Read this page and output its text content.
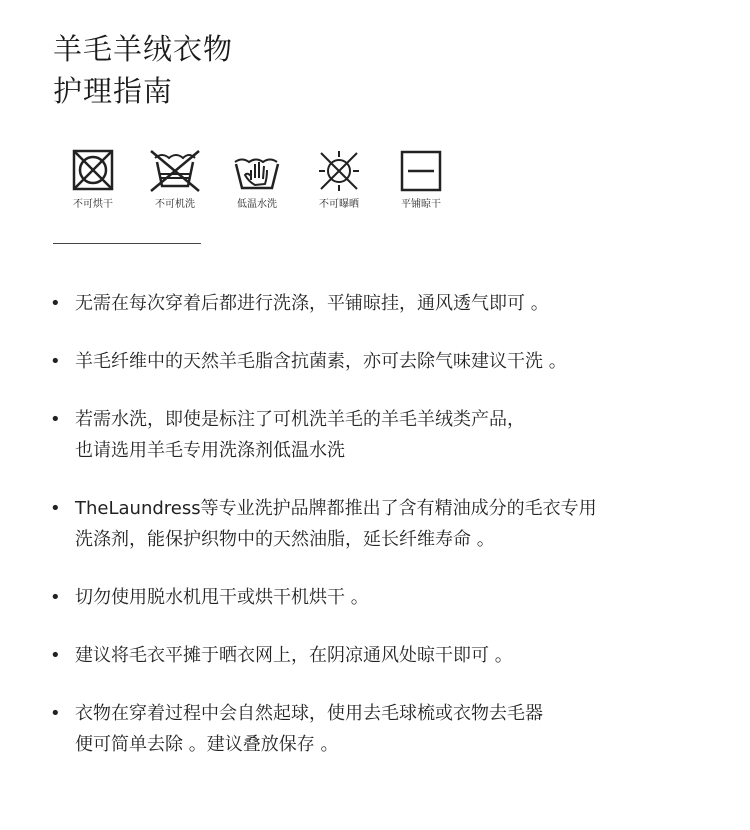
羊毛羊绒衣物
护理指南
不可烘干	不可机洗	低温水洗	不可曝晒	平铺晾干
• 无需在每次穿着后都进行洗涤，平铺晾挂，通风透气即可 。
• 羊毛纤维中的天然羊毛脂含抗菌素，亦可去除气味建议干洗 。
• 若需水洗，即使是标注了可机洗羊毛的羊毛羊绒类产品，
也请选用羊毛专用洗涤剂低温水洗
• TheLaundress等专业洗护品牌都推出了含有精油成分的毛衣专用
洗涤剂，能保护织物中的天然油脂，延长纤维寿命 。
• 切勿使用脱水机甩干或烘干机烘干 。
• 建议将毛衣平摊于晒衣网上，在阴凉通风处晾干即可 。
• 衣物在穿着过程中会自然起球，使用去毛球梳或衣物去毛器
便可简单去除 。建议叠放保存 。
